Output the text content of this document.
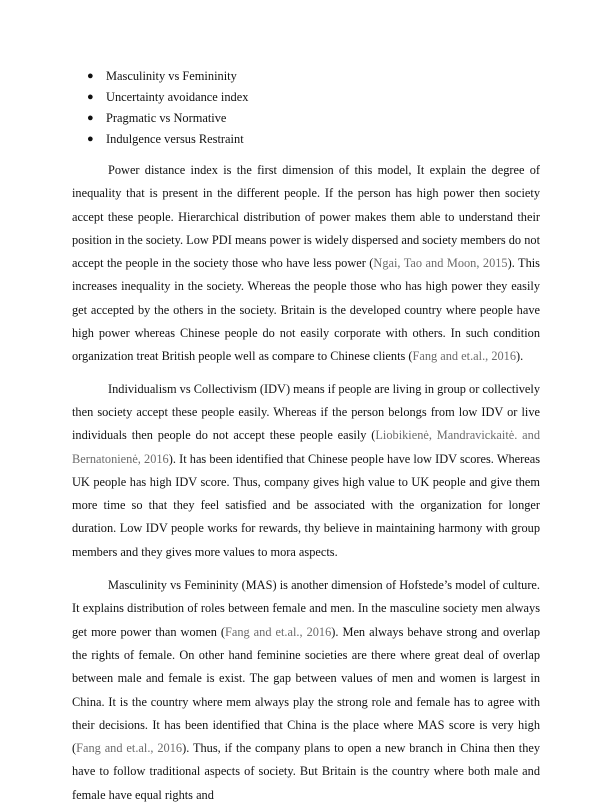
● Masculinity vs Femininity
● Uncertainty avoidance index
● Pragmatic vs Normative
● Indulgence versus Restraint

Power distance index is the first dimension of this model, It explain the degree of inequality that is present in the different people. If the person has high power then society accept these people. Hierarchical distribution of power makes them able to understand their position in the society. Low PDI means power is widely dispersed and society members do not accept the people in the society those who have less power (Ngai, Tao and Moon, 2015). This increases inequality in the society. Whereas the people those who has high power they easily get accepted by the others in the society. Britain is the developed country where people have high power whereas Chinese people do not easily corporate with others. In such condition organization treat British people well as compare to Chinese clients (Fang and et.al., 2016).

Individualism vs Collectivism (IDV) means if people are living in group or collectively then society accept these people easily. Whereas if the person belongs from low IDV or live individuals then people do not accept these people easily (Liobikienė, Mandravickaitė. and Bernatonienė, 2016). It has been identified that Chinese people have low IDV scores. Whereas UK people has high IDV score. Thus, company gives high value to UK people and give them more time so that they feel satisfied and be associated with the organization for longer duration. Low IDV people works for rewards, thy believe in maintaining harmony with group members and they gives more values to mora aspects.

Masculinity vs Femininity (MAS) is another dimension of Hofstede’s model of culture. It explains distribution of roles between female and men. In the masculine society men always get more power than women (Fang and et.al., 2016). Men always behave strong and overlap the rights of female. On other hand feminine societies are there where great deal of overlap between male and female is exist. The gap between values of men and women is largest in China. It is the country where mem always play the strong role and female has to agree with their decisions. It has been identified that China is the place where MAS score is very high (Fang and et.al., 2016). Thus, if the company plans to open a new branch in China then they have to follow traditional aspects of society. But Britain is the country where both male and female have equal rights and
